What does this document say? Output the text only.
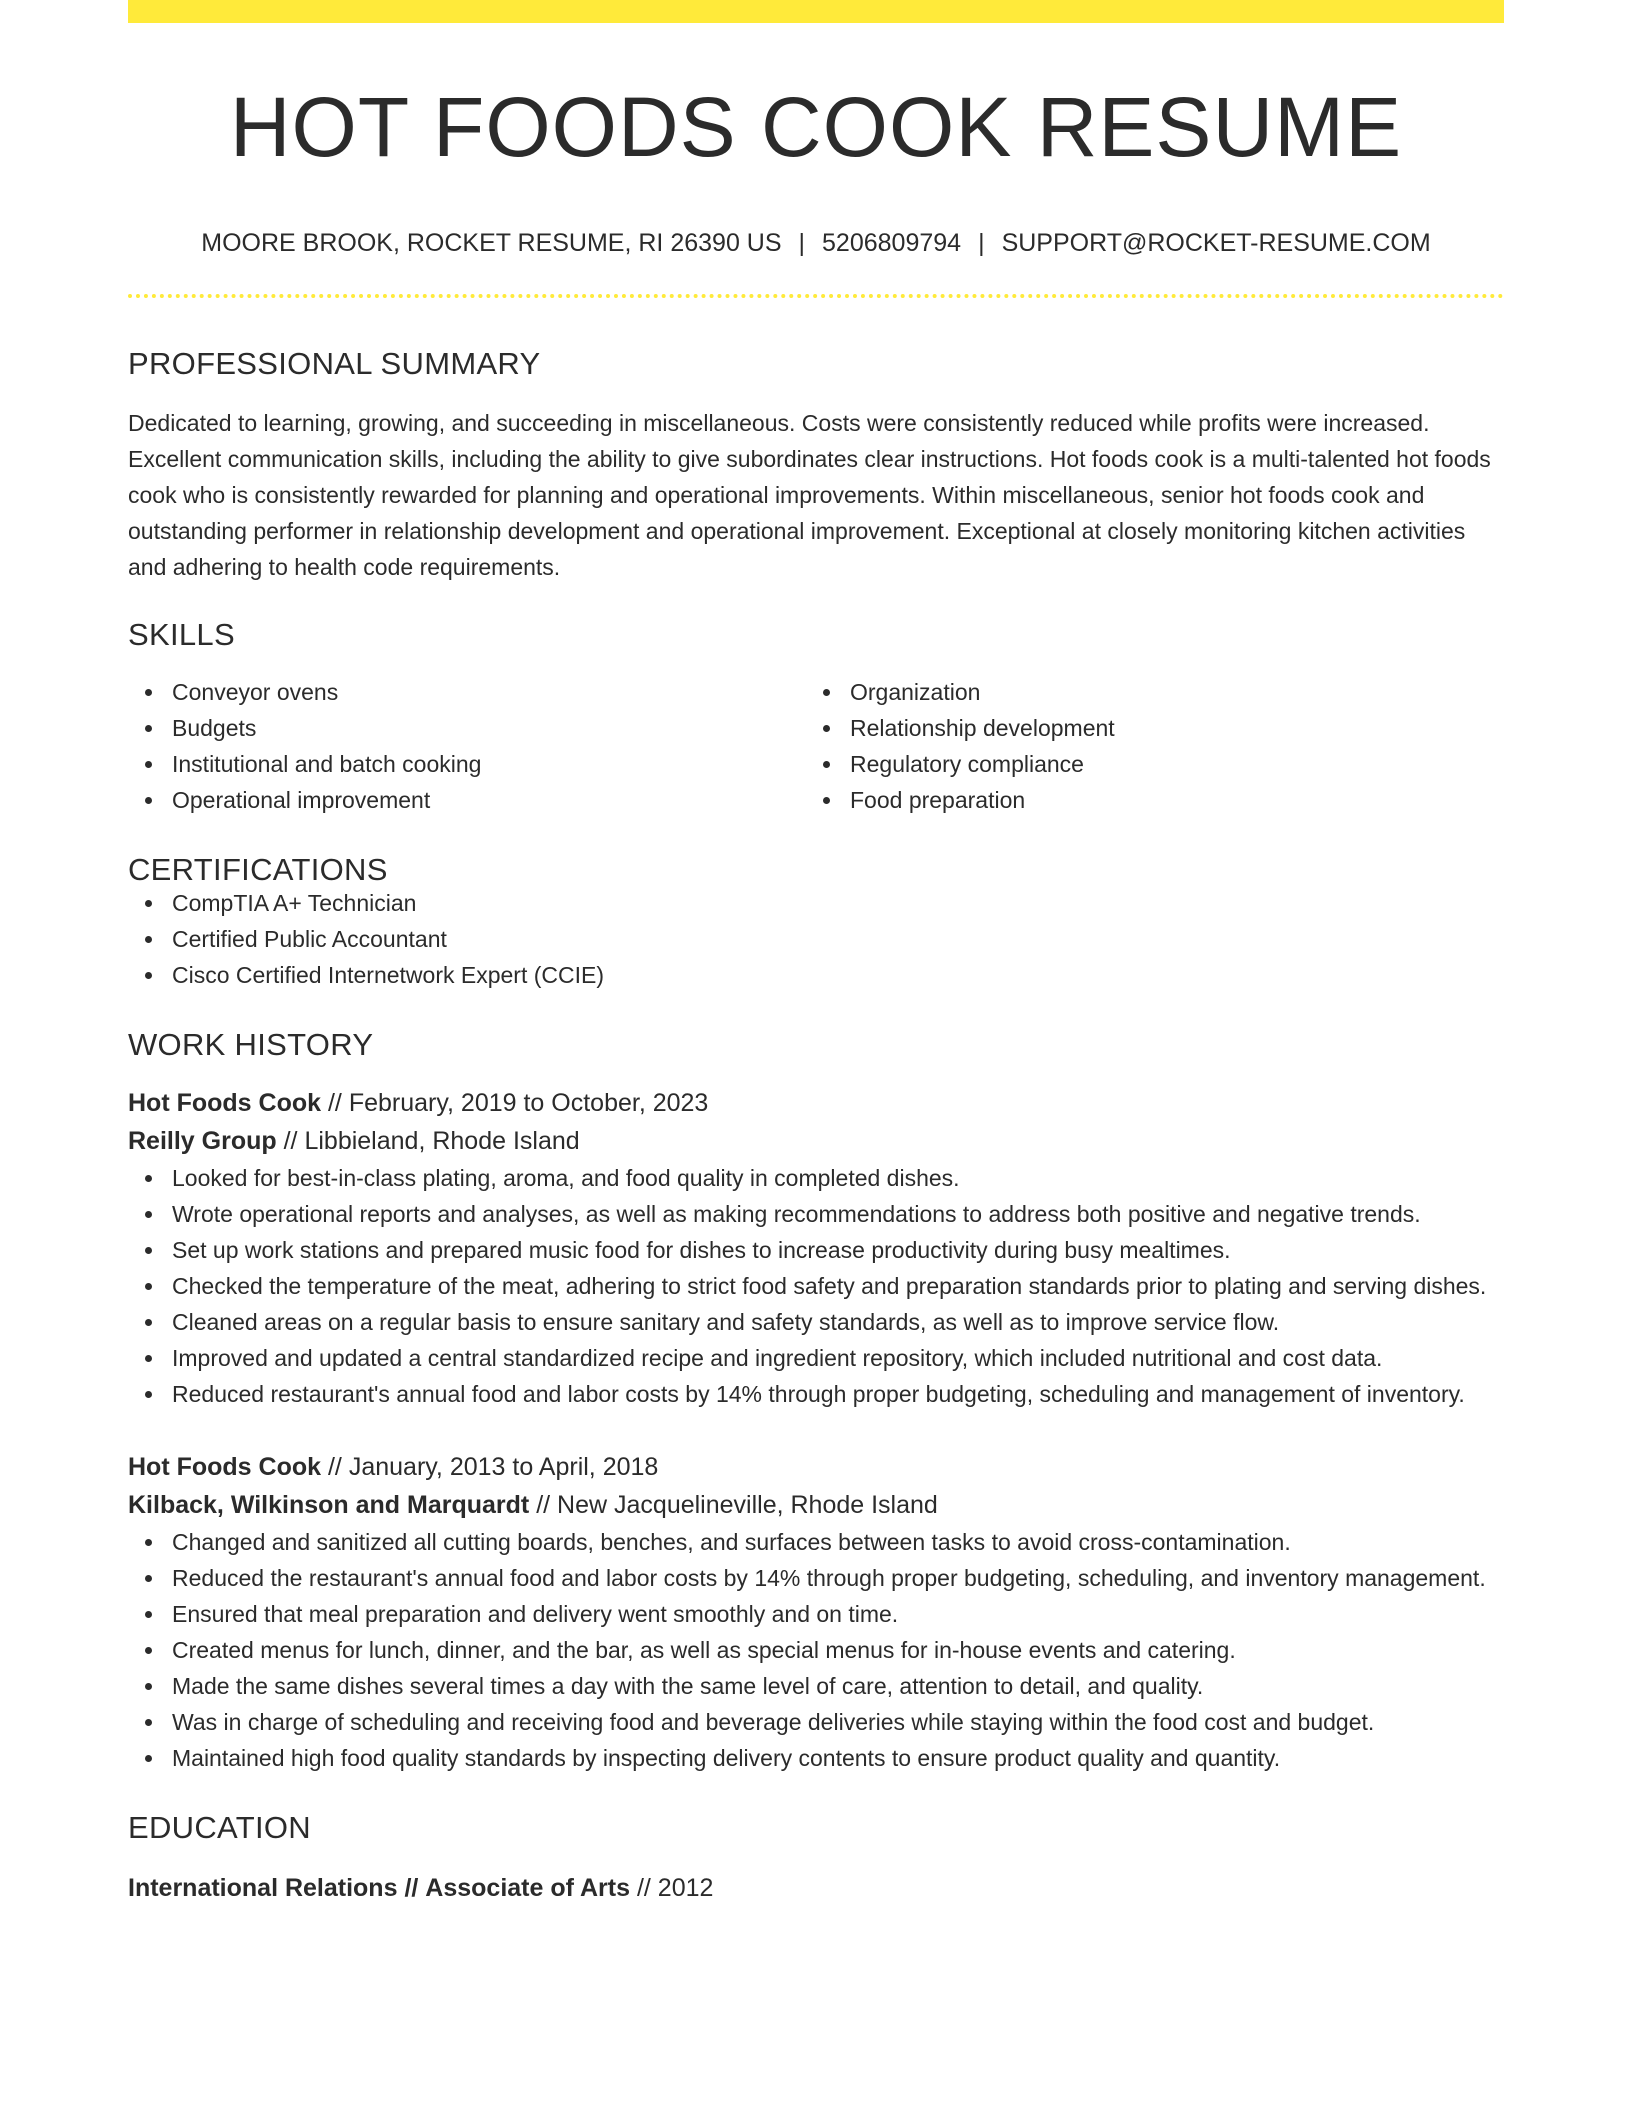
HOT FOODS COOK RESUME
MOORE BROOK, ROCKET RESUME, RI 26390 US | 5206809794 | SUPPORT@ROCKET-RESUME.COM
PROFESSIONAL SUMMARY
Dedicated to learning, growing, and succeeding in miscellaneous. Costs were consistently reduced while profits were increased. Excellent communication skills, including the ability to give subordinates clear instructions. Hot foods cook is a multi-talented hot foods cook who is consistently rewarded for planning and operational improvements. Within miscellaneous, senior hot foods cook and outstanding performer in relationship development and operational improvement. Exceptional at closely monitoring kitchen activities and adhering to health code requirements.
SKILLS
Conveyor ovens
Budgets
Institutional and batch cooking
Operational improvement
Organization
Relationship development
Regulatory compliance
Food preparation
CERTIFICATIONS
CompTIA A+ Technician
Certified Public Accountant
Cisco Certified Internetwork Expert (CCIE)
WORK HISTORY
Hot Foods Cook // February, 2019 to October, 2023
Reilly Group // Libbieland, Rhode Island
Looked for best-in-class plating, aroma, and food quality in completed dishes.
Wrote operational reports and analyses, as well as making recommendations to address both positive and negative trends.
Set up work stations and prepared music food for dishes to increase productivity during busy mealtimes.
Checked the temperature of the meat, adhering to strict food safety and preparation standards prior to plating and serving dishes.
Cleaned areas on a regular basis to ensure sanitary and safety standards, as well as to improve service flow.
Improved and updated a central standardized recipe and ingredient repository, which included nutritional and cost data.
Reduced restaurant's annual food and labor costs by 14% through proper budgeting, scheduling and management of inventory.
Hot Foods Cook // January, 2013 to April, 2018
Kilback, Wilkinson and Marquardt // New Jacquelineville, Rhode Island
Changed and sanitized all cutting boards, benches, and surfaces between tasks to avoid cross-contamination.
Reduced the restaurant's annual food and labor costs by 14% through proper budgeting, scheduling, and inventory management.
Ensured that meal preparation and delivery went smoothly and on time.
Created menus for lunch, dinner, and the bar, as well as special menus for in-house events and catering.
Made the same dishes several times a day with the same level of care, attention to detail, and quality.
Was in charge of scheduling and receiving food and beverage deliveries while staying within the food cost and budget.
Maintained high food quality standards by inspecting delivery contents to ensure product quality and quantity.
EDUCATION
International Relations // Associate of Arts // 2012
